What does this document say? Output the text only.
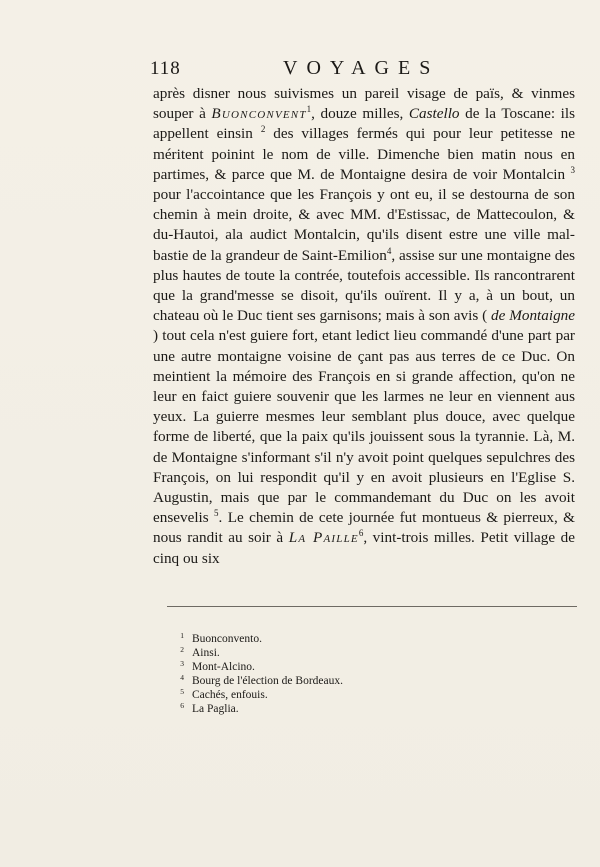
118	VOYAGES

après disner nous suivismes un pareil visage de païs, & vinmes souper à Buonconvent$^1$, douze milles, Castello de la Toscane: ils appellent einsin $^2$ des villages fermés qui pour leur petitesse ne méritent poinint le nom de ville. Dimenche bien matin nous en partimes, & parce que M. de Montaigne desira de voir Montalcin $^3$ pour l'accointance que les François y ont eu, il se destourna de son chemin à mein droite, & avec MM. d'Estissac, de Mattecoulon, & du-Hautoi, ala audict Montalcin, qu'ils disent estre une ville mal-bastie de la grandeur de Saint-Emilion$^4$, assise sur une montaigne des plus hautes de toute la contrée, toutefois accessible. Ils rancontrarent que la grand'messe se disoit, qu'ils ouïrent. Il y a, à un bout, un chateau où le Duc tient ses garnisons; mais à son avis ( de Montaigne ) tout cela n'est guiere fort, etant ledict lieu commandé d'une part par une autre montaigne voisine de çant pas aus terres de ce Duc. On meintient la mémoire des François en si grande affection, qu'on ne leur en faict guiere souvenir que les larmes ne leur en viennent aus yeux. La guierre mesmes leur semblant plus douce, avec quelque forme de liberté, que la paix qu'ils jouissent sous la tyrannie. Là, M. de Montaigne s'informant s'il n'y avoit point quelques sepulchres des François, on lui respondit qu'il y en avoit plusieurs en l'Eglise S. Augustin, mais que par le commandemant du Duc on les avoit ensevelis $^5$. Le chemin de cete journée fut montueus & pierreux, & nous randit au soir à La Paille$^6$, vint-trois milles. Petit village de cinq ou six

1 Buonconvento.
2 Ainsi.
3 Mont-Alcino.
4 Bourg de l'élection de Bordeaux.
5 Cachés, enfouis.
6 La Paglia.
